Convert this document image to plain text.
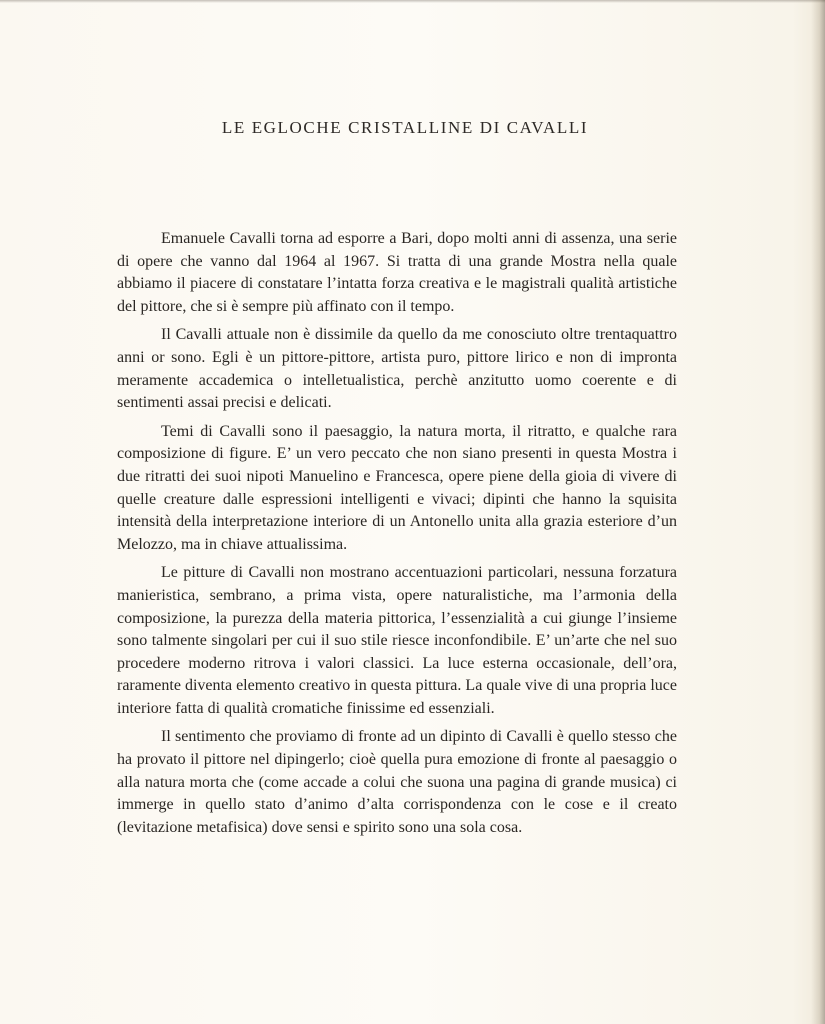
LE EGLOCHE CRISTALLINE DI CAVALLI

Emanuele Cavalli torna ad esporre a Bari, dopo molti anni di assenza, una serie di opere che vanno dal 1964 al 1967. Si tratta di una grande Mostra nella quale abbiamo il piacere di constatare l’intatta forza creativa e le magistrali qualità artistiche del pittore, che si è sempre più affinato con il tempo.

Il Cavalli attuale non è dissimile da quello da me conosciuto oltre trentaquattro anni or sono. Egli è un pittore-pittore, artista puro, pittore lirico e non di impronta meramente accademica o intelletualistica, perchè anzitutto uomo coerente e di sentimenti assai precisi e delicati.

Temi di Cavalli sono il paesaggio, la natura morta, il ritratto, e qualche rara composizione di figure. E’ un vero peccato che non siano presenti in questa Mostra i due ritratti dei suoi nipoti Manuelino e Francesca, opere piene della gioia di vivere di quelle creature dalle espressioni intelligenti e vivaci; dipinti che hanno la squisita intensità della interpretazione interiore di un Antonello unita alla grazia esteriore d’un Melozzo, ma in chiave attualissima.

Le pitture di Cavalli non mostrano accentuazioni particolari, nessuna forzatura manieristica, sembrano, a prima vista, opere naturalistiche, ma l’armonia della composizione, la purezza della materia pittorica, l’essenzialità a cui giunge l’insieme sono talmente singolari per cui il suo stile riesce inconfondibile. E’ un’arte che nel suo procedere moderno ritrova i valori classici. La luce esterna occasionale, dell’ora, raramente diventa elemento creativo in questa pittura. La quale vive di una propria luce interiore fatta di qualità cromatiche finissime ed essenziali.

Il sentimento che proviamo di fronte ad un dipinto di Cavalli è quello stesso che ha provato il pittore nel dipingerlo; cioè quella pura emozione di fronte al paesaggio o alla natura morta che (come accade a colui che suona una pagina di grande musica) ci immerge in quello stato d’animo d’alta corrispondenza con le cose e il creato (levitazione metafisica) dove sensi e spirito sono una sola cosa.
